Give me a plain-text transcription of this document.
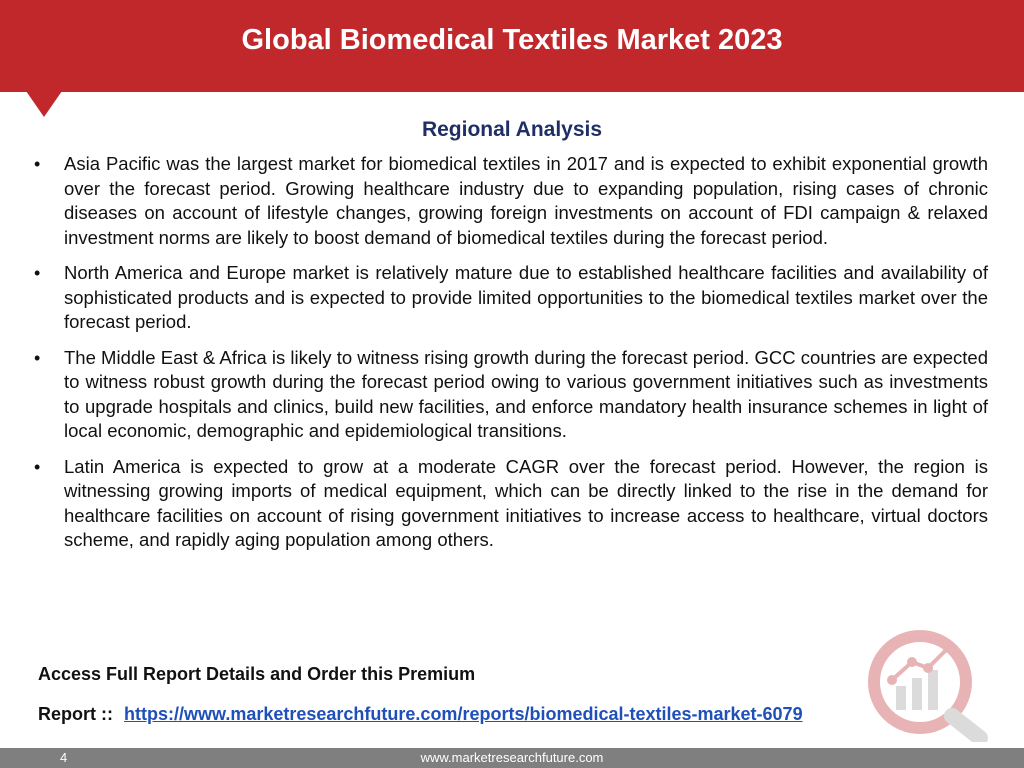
Global Biomedical Textiles Market 2023
Regional Analysis
• Asia Pacific was the largest market for biomedical textiles in 2017 and is expected to exhibit exponential growth over the forecast period. Growing healthcare industry due to expanding population, rising cases of chronic diseases on account of lifestyle changes, growing foreign investments on account of FDI campaign & relaxed investment norms are likely to boost demand of biomedical textiles during the forecast period.
• North America and Europe market is relatively mature due to established healthcare facilities and availability of sophisticated products and is expected to provide limited opportunities to the biomedical textiles market over the forecast period.
• The Middle East & Africa is likely to witness rising growth during the forecast period. GCC countries are expected to witness robust growth during the forecast period owing to various government initiatives such as investments to upgrade hospitals and clinics, build new facilities, and enforce mandatory health insurance schemes in light of local economic, demographic and epidemiological transitions.
• Latin America is expected to grow at a moderate CAGR over the forecast period. However, the region is witnessing growing imports of medical equipment, which can be directly linked to the rise in the demand for healthcare facilities on account of rising government initiatives to increase access to healthcare, virtual doctors scheme, and rapidly aging population among others.
Access Full Report Details and Order this Premium
Report :: https://www.marketresearchfuture.com/reports/biomedical-textiles-market-6079
4	www.marketresearchfuture.com
